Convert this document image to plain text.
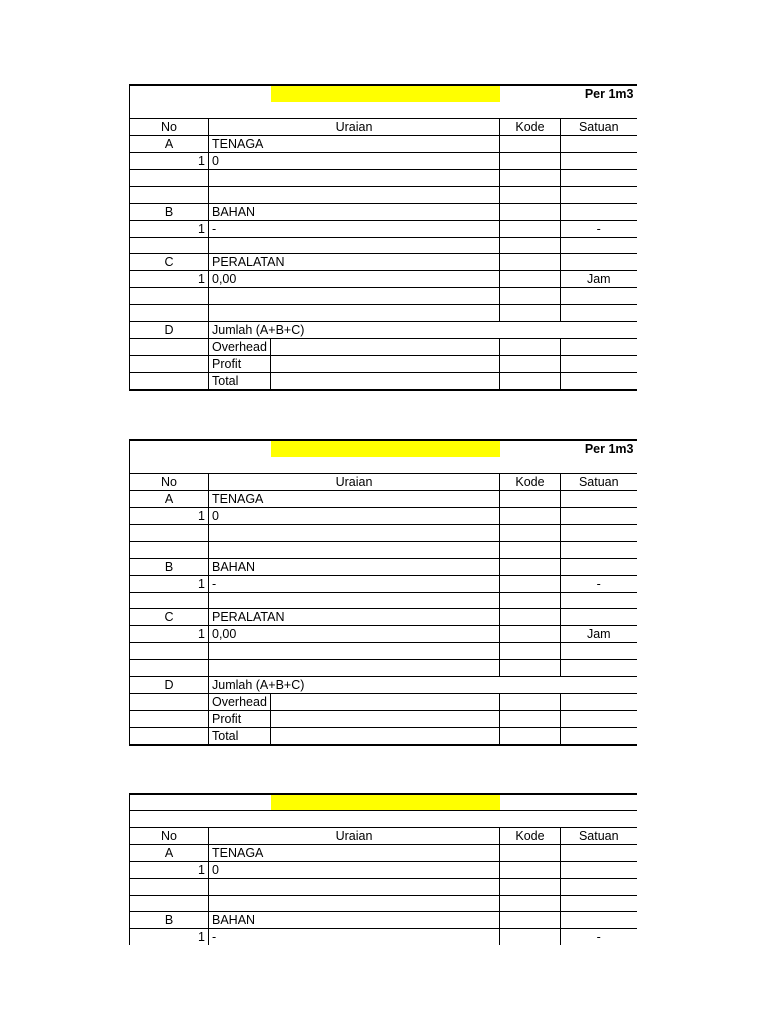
				Per 1m3

No	Uraian		Kode	Satuan
A	TENAGA			
1	0			

B	BAHAN			
1	-			-

C	PERALATAN			
1	0,00			Jam

D	Jumlah (A+B+C)			
	Overhead			
	Profit			
	Total			
				Per 1m3

No	Uraian		Kode	Satuan
A	TENAGA			
1	0			

B	BAHAN			
1	-			-

C	PERALATAN			
1	0,00			Jam

D	Jumlah (A+B+C)			
	Overhead			
	Profit			
	Total			

No	Uraian		Kode	Satuan
A	TENAGA			
1	0			

B	BAHAN			
1	-			-
